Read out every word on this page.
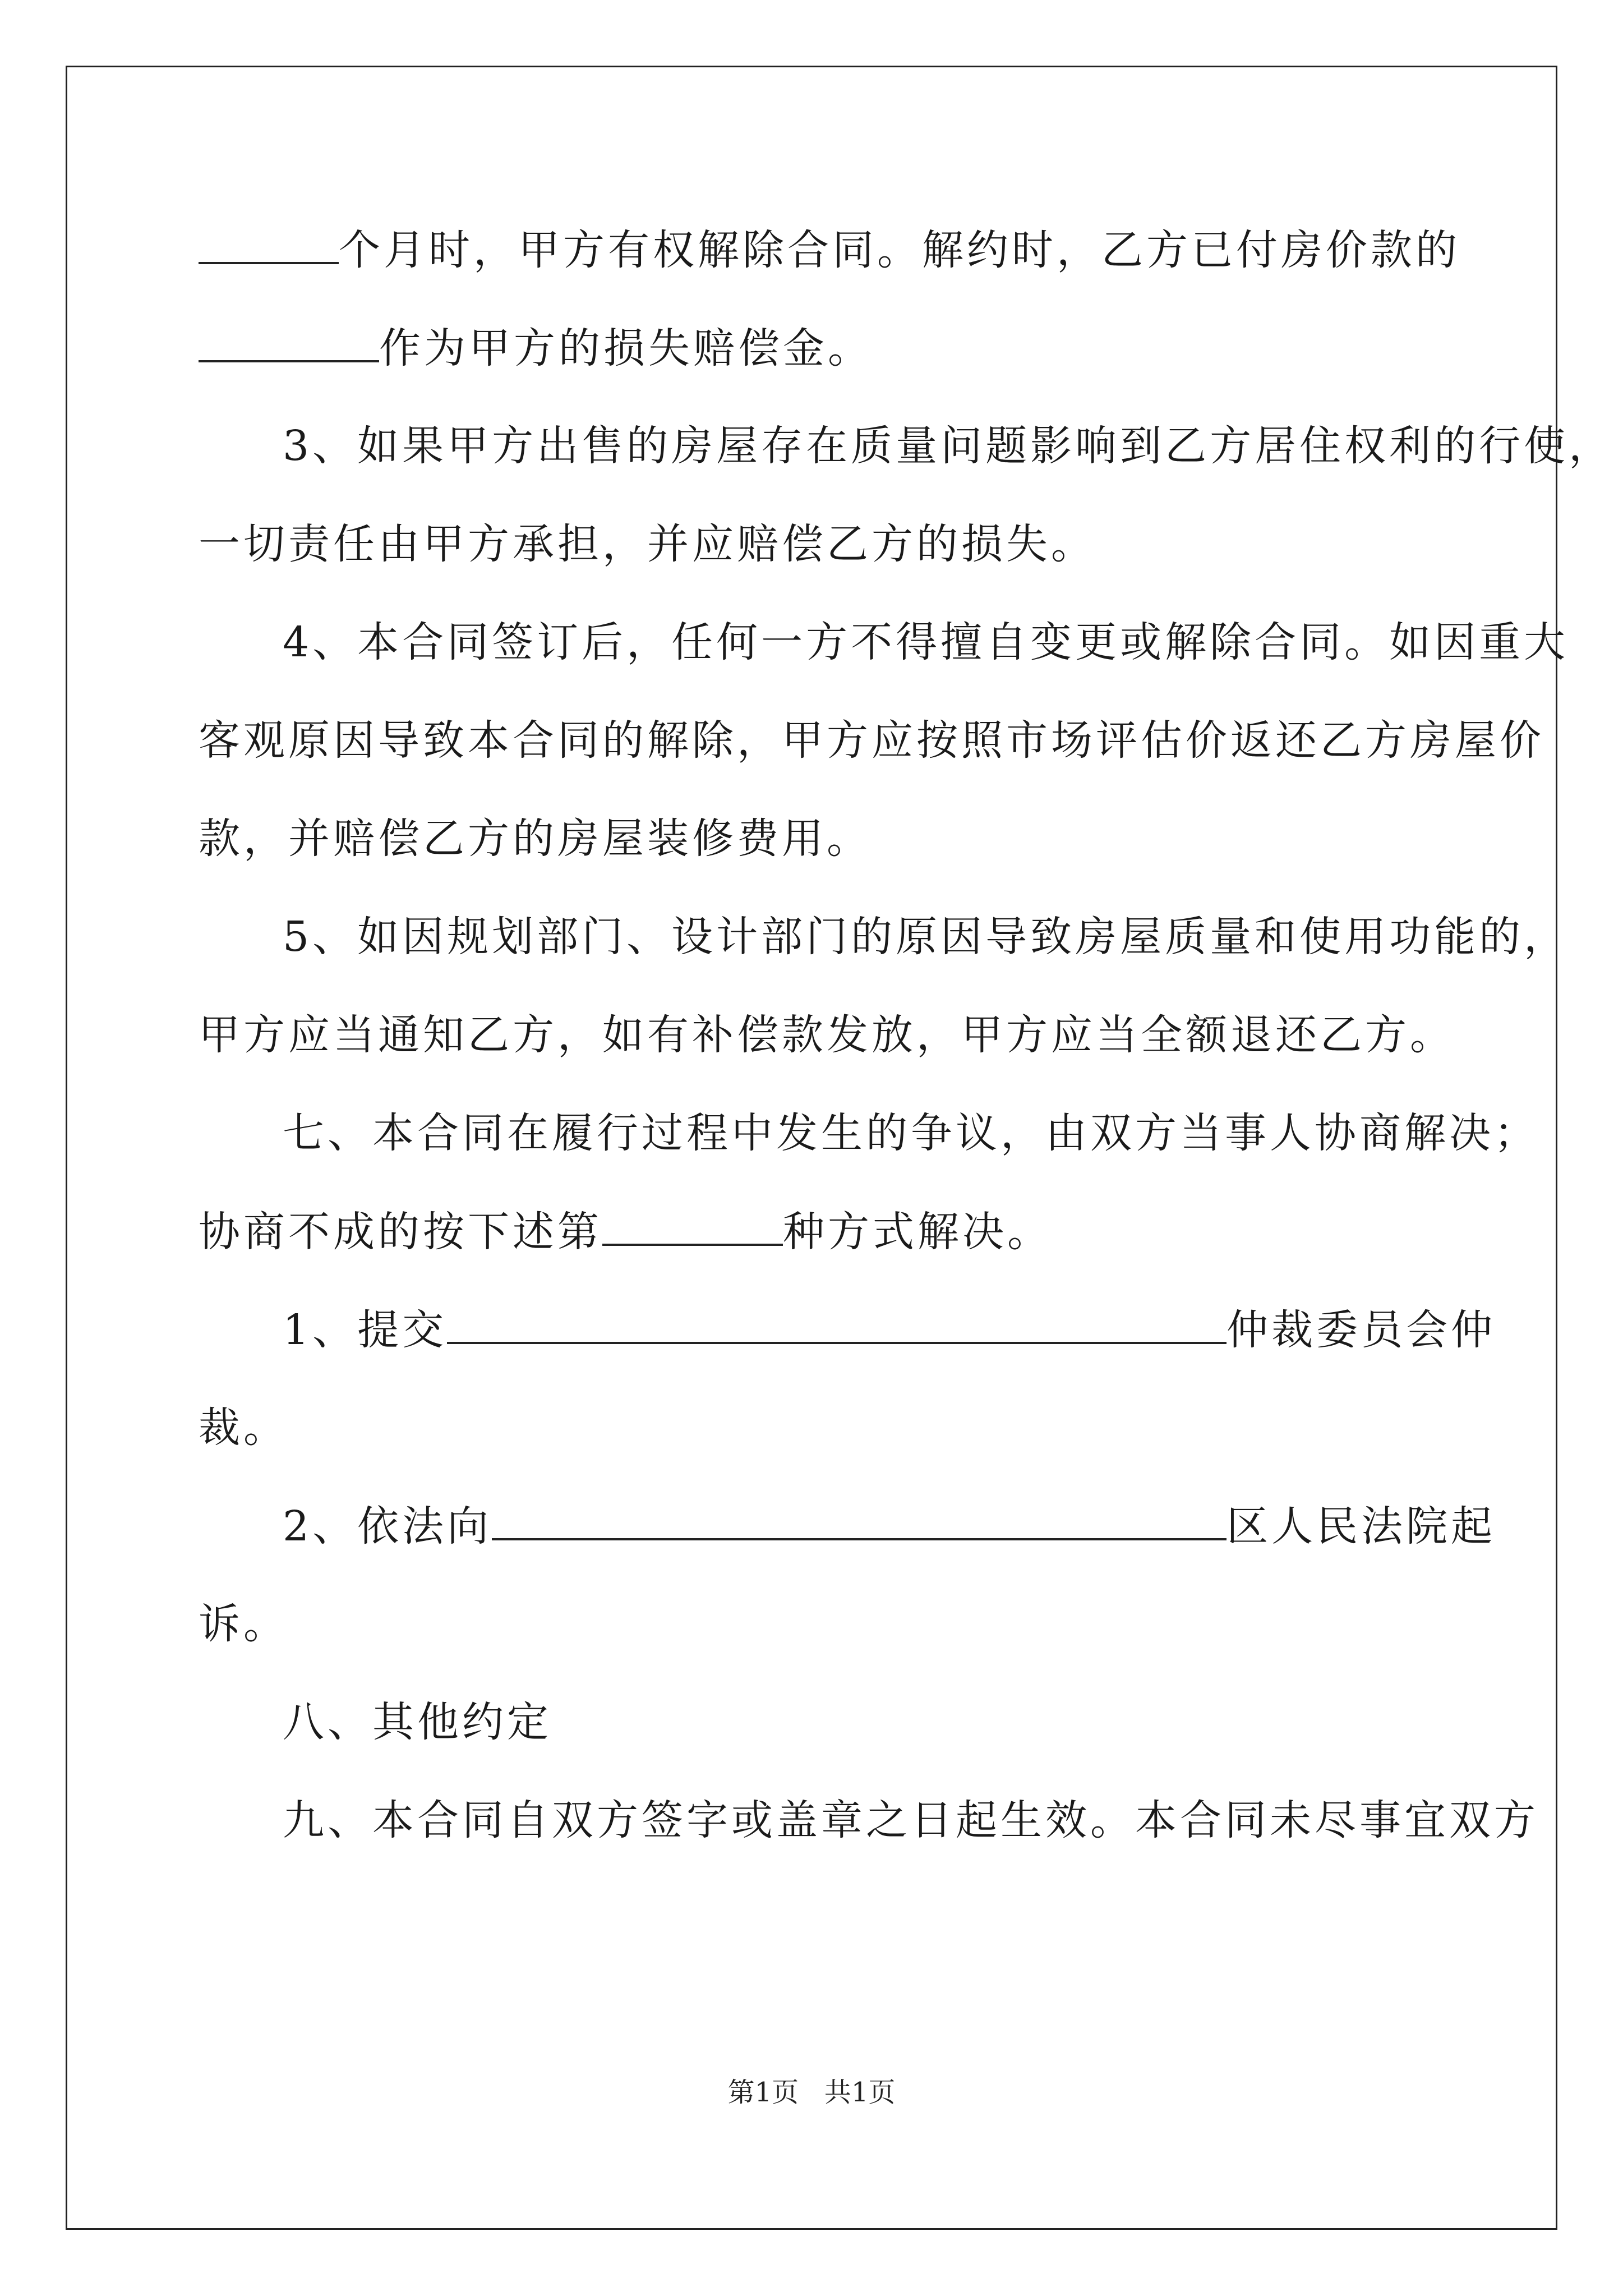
个月时，甲方有权解除合同。解约时，乙方已付房价款的
作为甲方的损失赔偿金。
3、如果甲方出售的房屋存在质量问题影响到乙方居住权利的行使，
一切责任由甲方承担，并应赔偿乙方的损失。
4、本合同签订后，任何一方不得擅自变更或解除合同。如因重大
客观原因导致本合同的解除，甲方应按照市场评估价返还乙方房屋价
款，并赔偿乙方的房屋装修费用。
5、如因规划部门、设计部门的原因导致房屋质量和使用功能的，
甲方应当通知乙方，如有补偿款发放，甲方应当全额退还乙方。
七、本合同在履行过程中发生的争议，由双方当事人协商解决；
协商不成的按下述第	种方式解决。
1、提交	仲裁委员会仲
裁。
2、依法向	区人民法院起
诉。
八、其他约定
九、本合同自双方签字或盖章之日起生效。本合同未尽事宜双方
第1页   共1页
